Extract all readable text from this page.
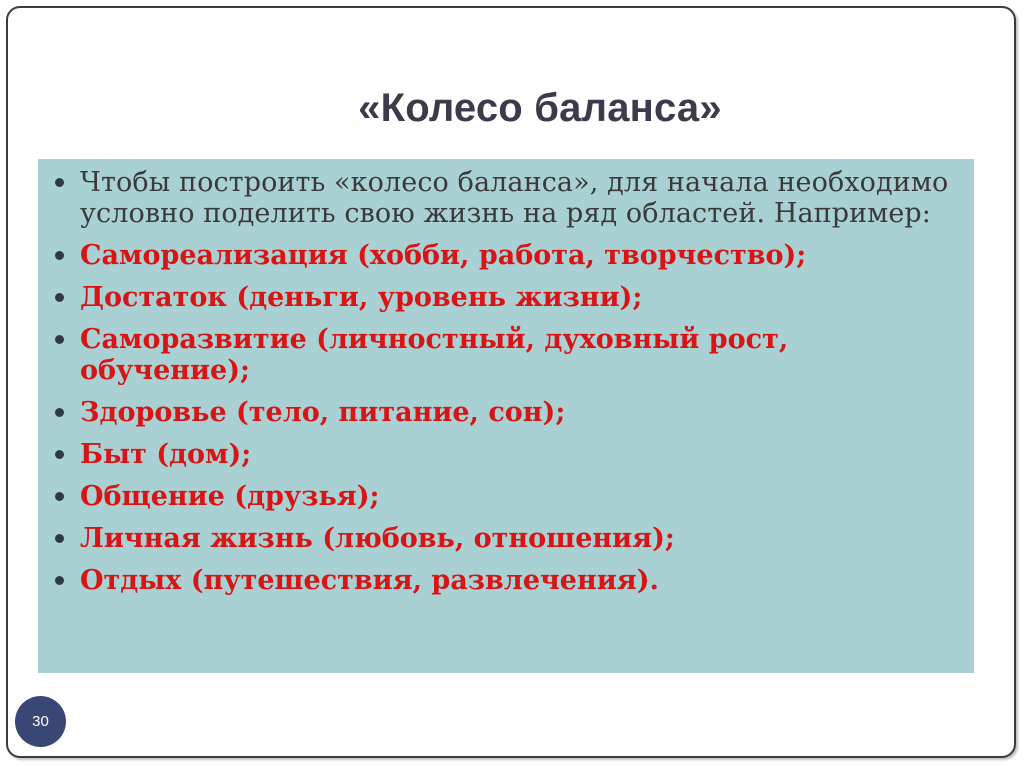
«Колесо баланса»
Чтобы построить «колесо баланса», для начала необходимо условно поделить свою жизнь на ряд областей. Например:
Самореализация (хобби, работа, творчество);
Достаток (деньги, уровень жизни);
Саморазвитие (личностный, духовный рост, обучение);
Здоровье (тело, питание, сон);
Быт (дом);
Общение (друзья);
Личная жизнь (любовь, отношения);
Отдых (путешествия, развлечения).
30
